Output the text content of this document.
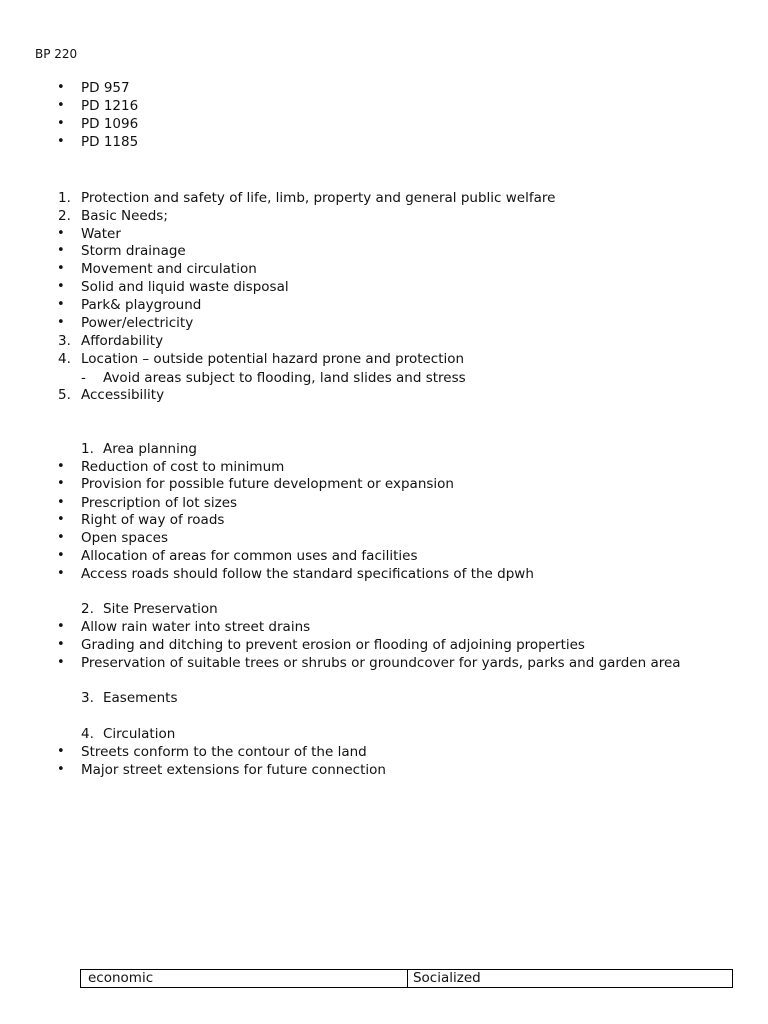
BP 220
• PD 957
• PD 1216
• PD 1096
• PD 1185
1. Protection and safety of life, limb, property and general public welfare
2. Basic Needs;
• Water
• Storm drainage
• Movement and circulation
• Solid and liquid waste disposal
• Park& playground
• Power/electricity
3. Affordability
4. Location – outside potential hazard prone and protection
- Avoid areas subject to flooding, land slides and stress
5. Accessibility
1. Area planning
• Reduction of cost to minimum
• Provision for possible future development or expansion
• Prescription of lot sizes
• Right of way of roads
• Open spaces
• Allocation of areas for common uses and facilities
• Access roads should follow the standard specifications of the dpwh
2. Site Preservation
• Allow rain water into street drains
• Grading and ditching to prevent erosion or flooding of adjoining properties
• Preservation of suitable trees or shrubs or groundcover for yards, parks and garden area
3. Easements
4. Circulation
• Streets conform to the contour of the land
• Major street extensions for future connection
economic	Socialized
